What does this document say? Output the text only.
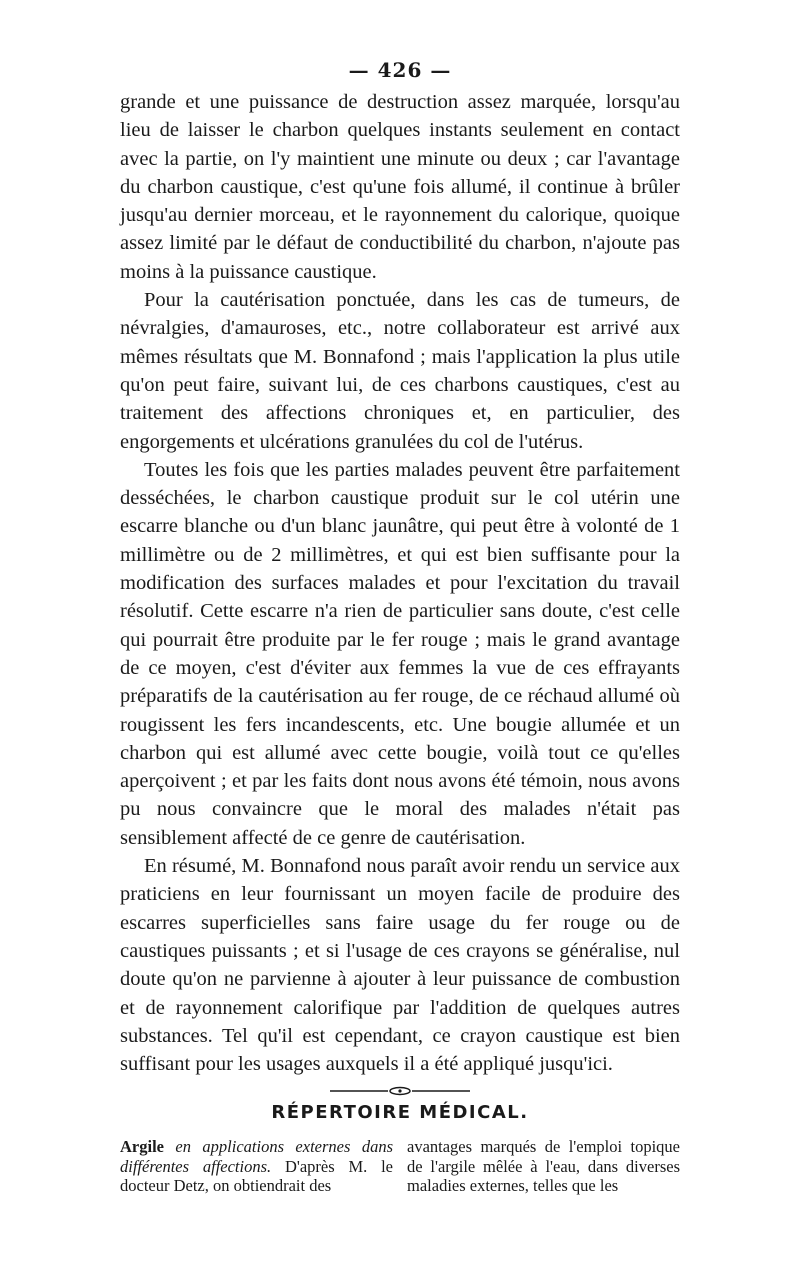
— 426 —

grande et une puissance de destruction assez marquée, lorsqu'au lieu de laisser le charbon quelques instants seulement en contact avec la partie, on l'y maintient une minute ou deux ; car l'avantage du charbon caustique, c'est qu'une fois allumé, il continue à brûler jusqu'au dernier morceau, et le rayonnement du calorique, quoique assez limité par le défaut de conductibilité du charbon, n'ajoute pas moins à la puissance caustique.

Pour la cautérisation ponctuée, dans les cas de tumeurs, de névralgies, d'amauroses, etc., notre collaborateur est arrivé aux mêmes résultats que M. Bonnafond ; mais l'application la plus utile qu'on peut faire, suivant lui, de ces charbons caustiques, c'est au traitement des affections chroniques et, en particulier, des engorgements et ulcérations granulées du col de l'utérus.

Toutes les fois que les parties malades peuvent être parfaitement desséchées, le charbon caustique produit sur le col utérin une escarre blanche ou d'un blanc jaunâtre, qui peut être à volonté de 1 millimètre ou de 2 millimètres, et qui est bien suffisante pour la modification des surfaces malades et pour l'excitation du travail résolutif. Cette escarre n'a rien de particulier sans doute, c'est celle qui pourrait être produite par le fer rouge ; mais le grand avantage de ce moyen, c'est d'éviter aux femmes la vue de ces effrayants préparatifs de la cautérisation au fer rouge, de ce réchaud allumé où rougissent les fers incandescents, etc. Une bougie allumée et un charbon qui est allumé avec cette bougie, voilà tout ce qu'elles aperçoivent ; et par les faits dont nous avons été témoin, nous avons pu nous convaincre que le moral des malades n'était pas sensiblement affecté de ce genre de cautérisation.

En résumé, M. Bonnafond nous paraît avoir rendu un service aux praticiens en leur fournissant un moyen facile de produire des escarres superficielles sans faire usage du fer rouge ou de caustiques puissants ; et si l'usage de ces crayons se généralise, nul doute qu'on ne parvienne à ajouter à leur puissance de combustion et de rayonnement calorifique par l'addition de quelques autres substances. Tel qu'il est cependant, ce crayon caustique est bien suffisant pour les usages auxquels il a été appliqué jusqu'ici.

RÉPERTOIRE MÉDICAL.
Argile en applications externes dans différentes affections. D'après M. le docteur Detz, on obtiendrait des
avantages marqués de l'emploi topique de l'argile mêlée à l'eau, dans diverses maladies externes, telles que les
